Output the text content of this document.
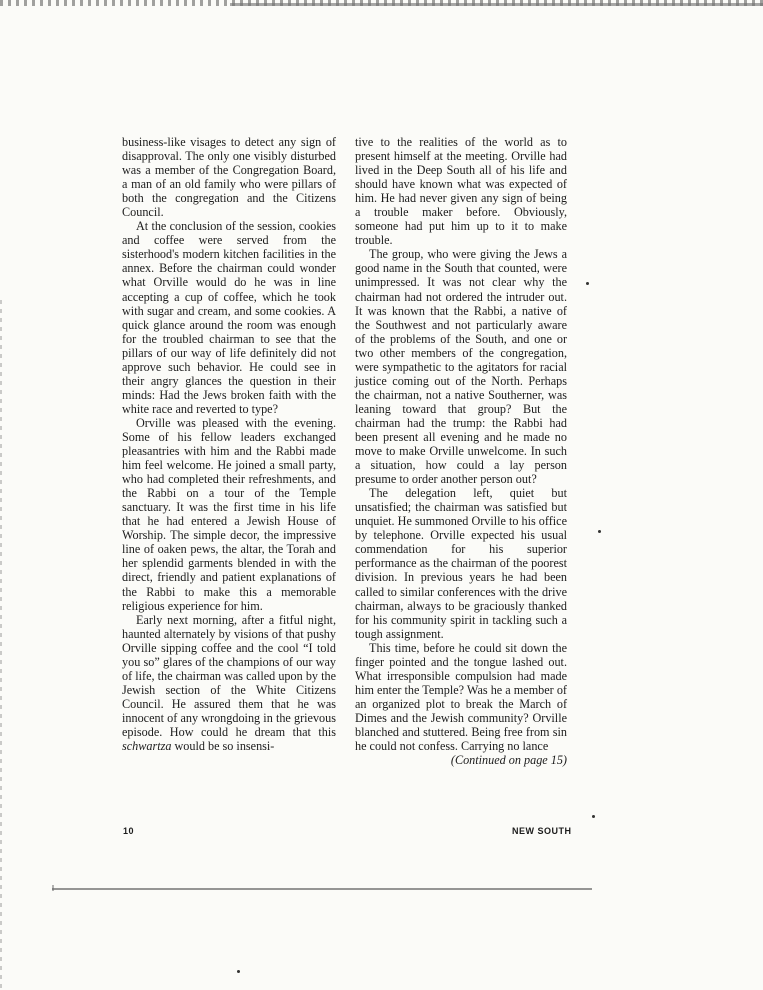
business-like visages to detect any sign of disapproval. The only one visibly disturbed was a member of the Congregation Board, a man of an old family who were pillars of both the congregation and the Citizens Council.

At the conclusion of the session, cookies and coffee were served from the sisterhood's modern kitchen facilities in the annex. Before the chairman could wonder what Orville would do he was in line accepting a cup of coffee, which he took with sugar and cream, and some cookies. A quick glance around the room was enough for the troubled chairman to see that the pillars of our way of life definitely did not approve such behavior. He could see in their angry glances the question in their minds: Had the Jews broken faith with the white race and reverted to type?

Orville was pleased with the evening. Some of his fellow leaders exchanged pleasantries with him and the Rabbi made him feel welcome. He joined a small party, who had completed their refreshments, and the Rabbi on a tour of the Temple sanctuary. It was the first time in his life that he had entered a Jewish House of Worship. The simple decor, the impressive line of oaken pews, the altar, the Torah and her splendid garments blended in with the direct, friendly and patient explanations of the Rabbi to make this a memorable religious experience for him.

Early next morning, after a fitful night, haunted alternately by visions of that pushy Orville sipping coffee and the cool “I told you so” glares of the champions of our way of life, the chairman was called upon by the Jewish section of the White Citizens Council. He assured them that he was innocent of any wrongdoing in the grievous episode. How could he dream that this schwartza would be so insensi-

tive to the realities of the world as to present himself at the meeting. Orville had lived in the Deep South all of his life and should have known what was expected of him. He had never given any sign of being a trouble maker before. Obviously, someone had put him up to it to make trouble.

The group, who were giving the Jews a good name in the South that counted, were unimpressed. It was not clear why the chairman had not ordered the intruder out. It was known that the Rabbi, a native of the Southwest and not particularly aware of the problems of the South, and one or two other members of the congregation, were sympathetic to the agitators for racial justice coming out of the North. Perhaps the chairman, not a native Southerner, was leaning toward that group? But the chairman had the trump: the Rabbi had been present all evening and he made no move to make Orville unwelcome. In such a situation, how could a lay person presume to order another person out?

The delegation left, quiet but unsatisfied; the chairman was satisfied but unquiet. He summoned Orville to his office by telephone. Orville expected his usual commendation for his superior performance as the chairman of the poorest division. In previous years he had been called to similar conferences with the drive chairman, always to be graciously thanked for his community spirit in tackling such a tough assignment.

This time, before he could sit down the finger pointed and the tongue lashed out. What irresponsible compulsion had made him enter the Temple? Was he a member of an organized plot to break the March of Dimes and the Jewish community? Orville blanched and stuttered. Being free from sin he could not confess. Carrying no lance

(Continued on page 15)
10	NEW SOUTH
